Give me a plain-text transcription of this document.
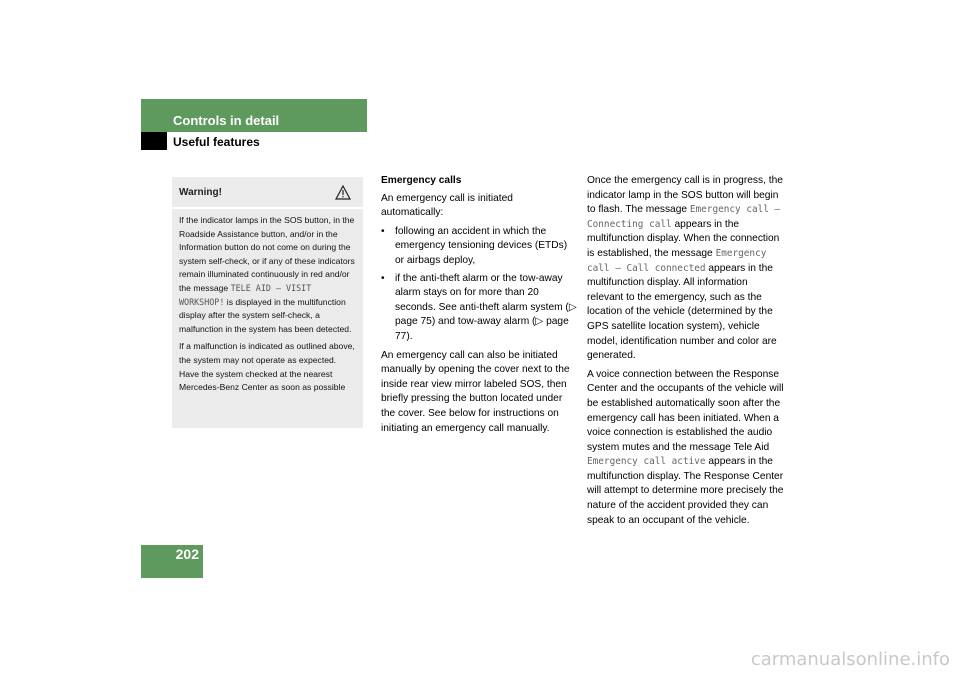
Controls in detail
Useful features
202
Warning!

If the indicator lamps in the SOS button, in the Roadside Assistance button, and/or in the Information button do not come on during the system self-check, or if any of these indicators remain illuminated continuously in red and/or the message TELE AID – VISIT WORKSHOP! is displayed in the multifunction display after the system self-check, a malfunction in the system has been detected.

If a malfunction is indicated as outlined above, the system may not operate as expected. Have the system checked at the nearest Mercedes-Benz Center as soon as possible

Emergency calls

An emergency call is initiated automatically:

• following an accident in which the emergency tensioning devices (ETDs) or airbags deploy,
• if the anti-theft alarm or the tow-away alarm stays on for more than 20 seconds. See anti-theft alarm system (▷ page 75) and tow-away alarm (▷ page 77).

An emergency call can also be initiated manually by opening the cover next to the inside rear view mirror labeled SOS, then briefly pressing the button located under the cover. See below for instructions on initiating an emergency call manually.

Once the emergency call is in progress, the indicator lamp in the SOS button will begin to flash. The message Emergency call – Connecting call appears in the multifunction display. When the connection is established, the message Emergency call – Call connected appears in the multifunction display. All information relevant to the emergency, such as the location of the vehicle (determined by the GPS satellite location system), vehicle model, identification number and color are generated.

A voice connection between the Response Center and the occupants of the vehicle will be established automatically soon after the emergency call has been initiated. When a voice connection is established the audio system mutes and the message Tele Aid Emergency call active appears in the multifunction display. The Response Center will attempt to determine more precisely the nature of the accident provided they can speak to an occupant of the vehicle.

carmanualsonline.info
